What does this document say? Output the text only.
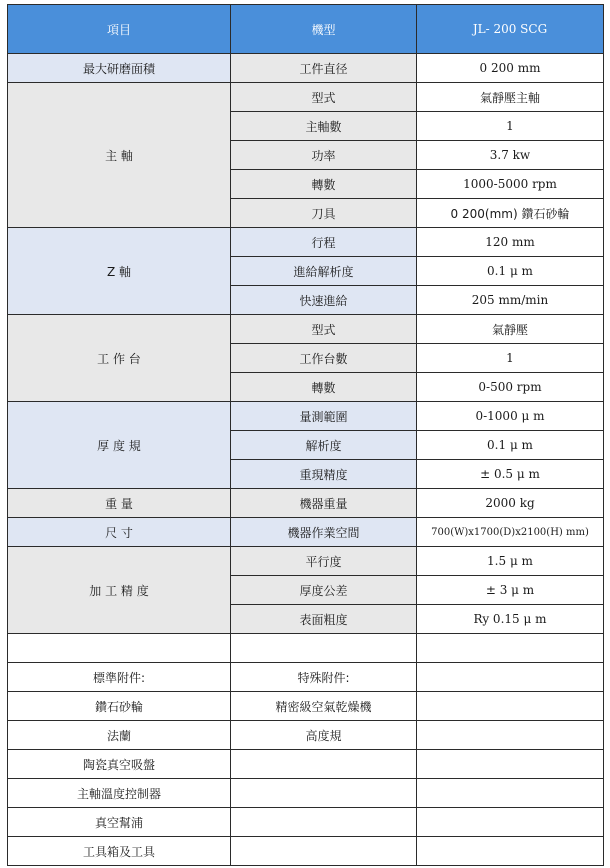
項目	機型	JL- 200 SCG
最大研磨面積	工件直径	0 200 mm
主 軸	型式	氣靜壓主軸
	主軸數	1
	功率	3.7 kw
	轉數	1000-5000 rpm
	刀具	0 200(mm) 鑽石砂輪
Z 軸	行程	120 mm
	進給解析度	0.1 μ m
	快速進給	205 mm/min
工 作 台	型式	氣靜壓
	工作台數	1
	轉數	0-500 rpm
厚 度 規	量測範圍	0-1000 μ m
	解析度	0.1 μ m
	重現精度	± 0.5 μ m
重 量	機器重量	2000 kg
尺 寸	機器作業空間	700(W)x1700(D)x2100(H) mm)
加 工 精 度	平行度	1.5 μ m
	厚度公差	± 3 μ m
	表面粗度	Ry 0.15 μ m

標準附件:	特殊附件:	
鑽石砂輪	精密級空氣乾燥機	
法蘭	高度規	
陶瓷真空吸盤		
主軸溫度控制器		
真空幫浦		
工具箱及工具		
